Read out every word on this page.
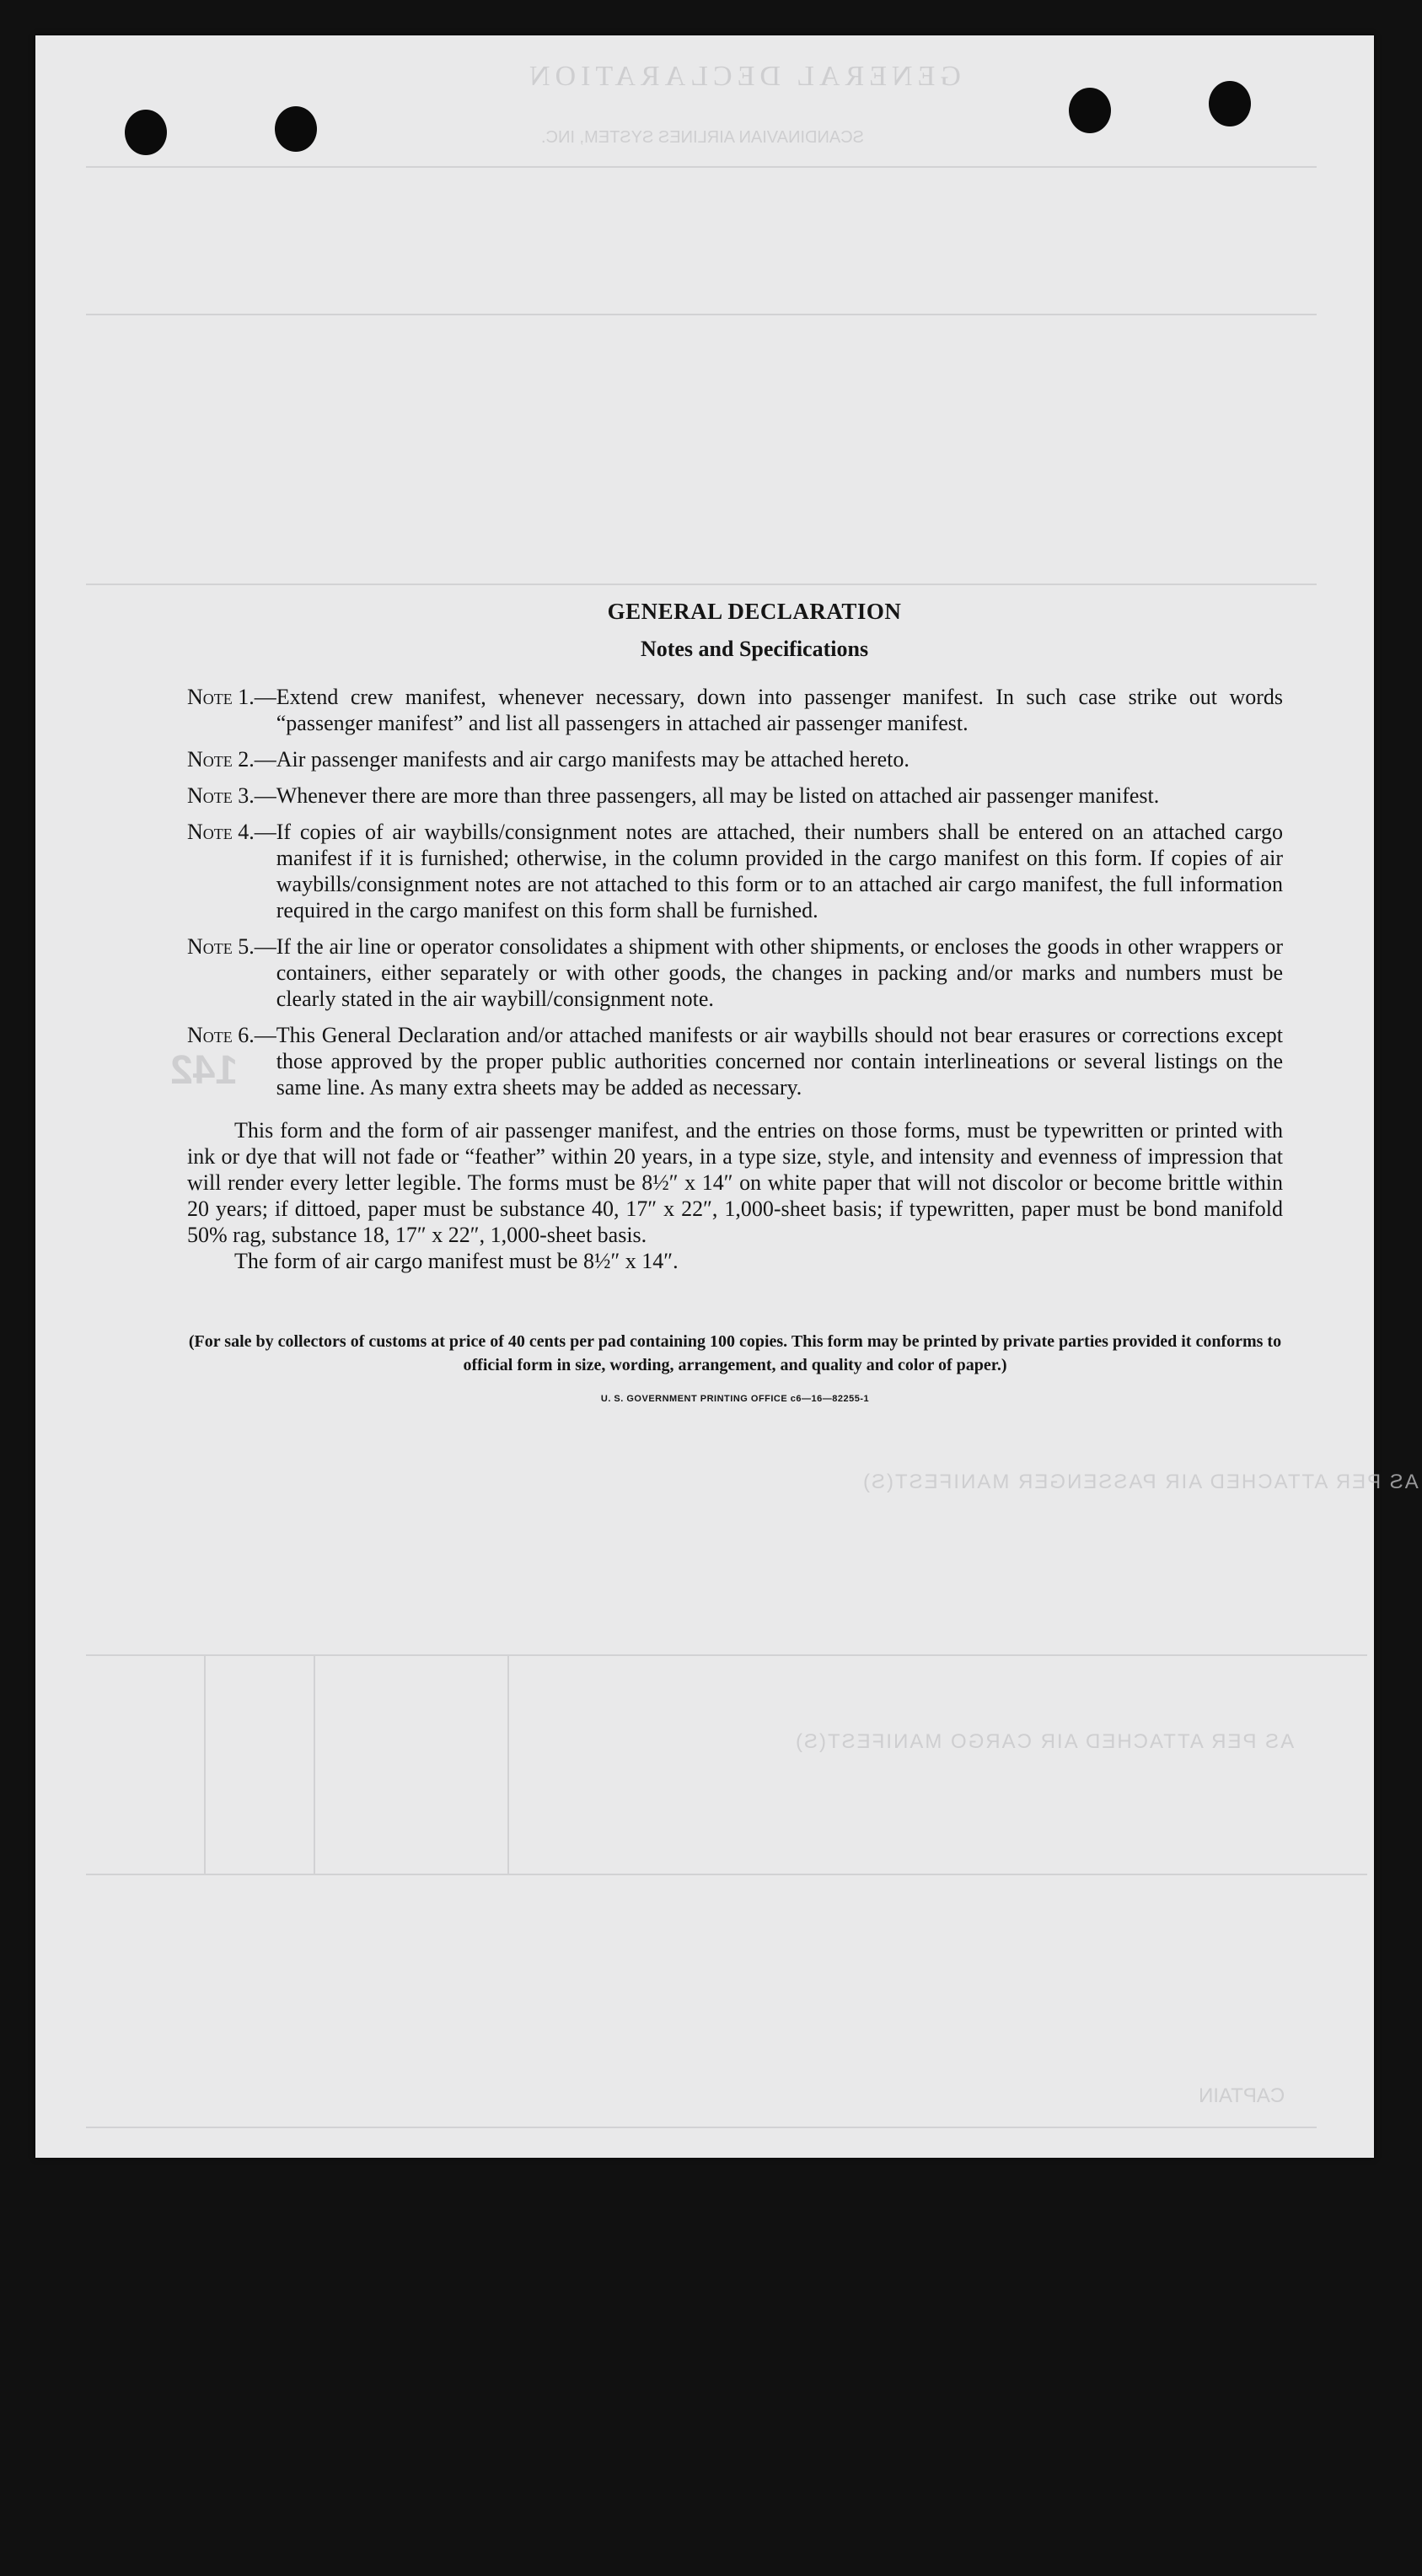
GENERAL DECLARATION
SCANDINAVIAN AIRLINES SYSTEM, INC.
142
AS PER ATTACHED AIR PASSENGER MANIFEST(S)
AS PER ATTACHED AIR CARGO MANIFEST(S)
CAPTAIN
GENERAL DECLARATION
Notes and Specifications
Note 1.— Extend crew manifest, whenever necessary, down into passenger manifest. In such case strike out words “passenger manifest” and list all passengers in attached air passenger manifest.
Note 2.— Air passenger manifests and air cargo manifests may be attached hereto.
Note 3.— Whenever there are more than three passengers, all may be listed on attached air passenger manifest.
Note 4.— If copies of air waybills/consignment notes are attached, their numbers shall be entered on an attached cargo manifest if it is furnished; otherwise, in the column provided in the cargo manifest on this form. If copies of air waybills/consignment notes are not attached to this form or to an attached air cargo manifest, the full information required in the cargo manifest on this form shall be furnished.
Note 5.— If the air line or operator consolidates a shipment with other shipments, or encloses the goods in other wrappers or containers, either separately or with other goods, the changes in packing and/or marks and numbers must be clearly stated in the air waybill/consignment note.
Note 6.— This General Declaration and/or attached manifests or air waybills should not bear erasures or corrections except those approved by the proper public authorities concerned nor contain interlineations or several listings on the same line. As many extra sheets may be added as necessary.
This form and the form of air passenger manifest, and the entries on those forms, must be typewritten or printed with ink or dye that will not fade or “feather” within 20 years, in a type size, style, and intensity and evenness of impression that will render every letter legible. The forms must be 8½″ x 14″ on white paper that will not discolor or become brittle within 20 years; if dittoed, paper must be substance 40, 17″ x 22″, 1,000-sheet basis; if typewritten, paper must be bond manifold 50% rag, substance 18, 17″ x 22″, 1,000-sheet basis.
The form of air cargo manifest must be 8½″ x 14″.
(For sale by collectors of customs at price of 40 cents per pad containing 100 copies. This form may be printed by private parties provided it conforms to official form in size, wording, arrangement, and quality and color of paper.)
U. S. GOVERNMENT PRINTING OFFICE c6—16—82255-1
